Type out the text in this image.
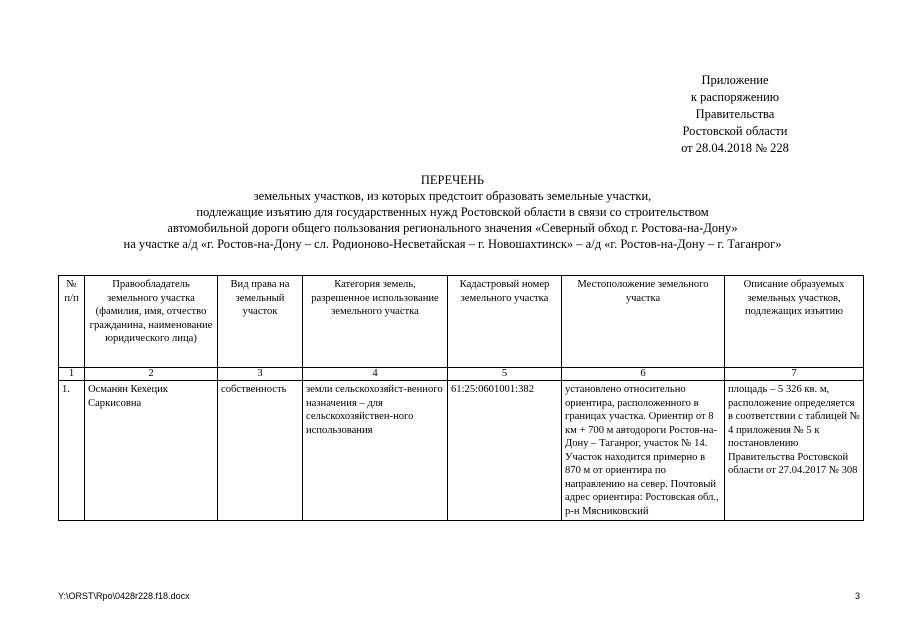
Приложение
к распоряжению
Правительства
Ростовской области
от 28.04.2018 № 228
ПЕРЕЧЕНЬ
земельных участков, из которых предстоит образовать земельные участки,
подлежащие изъятию для государственных нужд Ростовской области в связи со строительством
автомобильной дороги общего пользования регионального значения «Северный обход г. Ростова-на-Дону»
на участке а/д «г. Ростов-на-Дону – сл. Родионово-Несветайская – г. Новошахтинск» – а/д «г. Ростов-на-Дону – г. Таганрог»
№ п/п	Правообладатель земельного участка (фамилия, имя, отчество гражданина, наименование юридического лица)	Вид права на земельный участок	Категория земель, разрешенное использование земельного участка	Кадастровый номер земельного участка	Местоположение земельного участка	Описание образуемых земельных участков, подлежащих изъятию
1	2	3	4	5	6	7
1.	Османян Кехецик Саркисовна	собственность	земли сельскохозяйст-венного назначения – для сельскохозяйствен-ного использования	61:25:0601001:382	установлено относительно ориентира, расположенного в границах участка. Ориентир от 8 км + 700 м автодороги Ростов-на-Дону – Таганрог, участок № 14. Участок находится примерно в 870 м от ориентира по направлению на север. Почтовый адрес ориентира: Ростовская обл., р-н Мясниковский	площадь – 5 326 кв. м, расположение определяется в соответствии с таблицей № 4 приложения № 5 к постановлению Правительства Ростовской области от 27.04.2017 № 308
Y:\ORST\Rpo\0428r228.f18.docx	3
